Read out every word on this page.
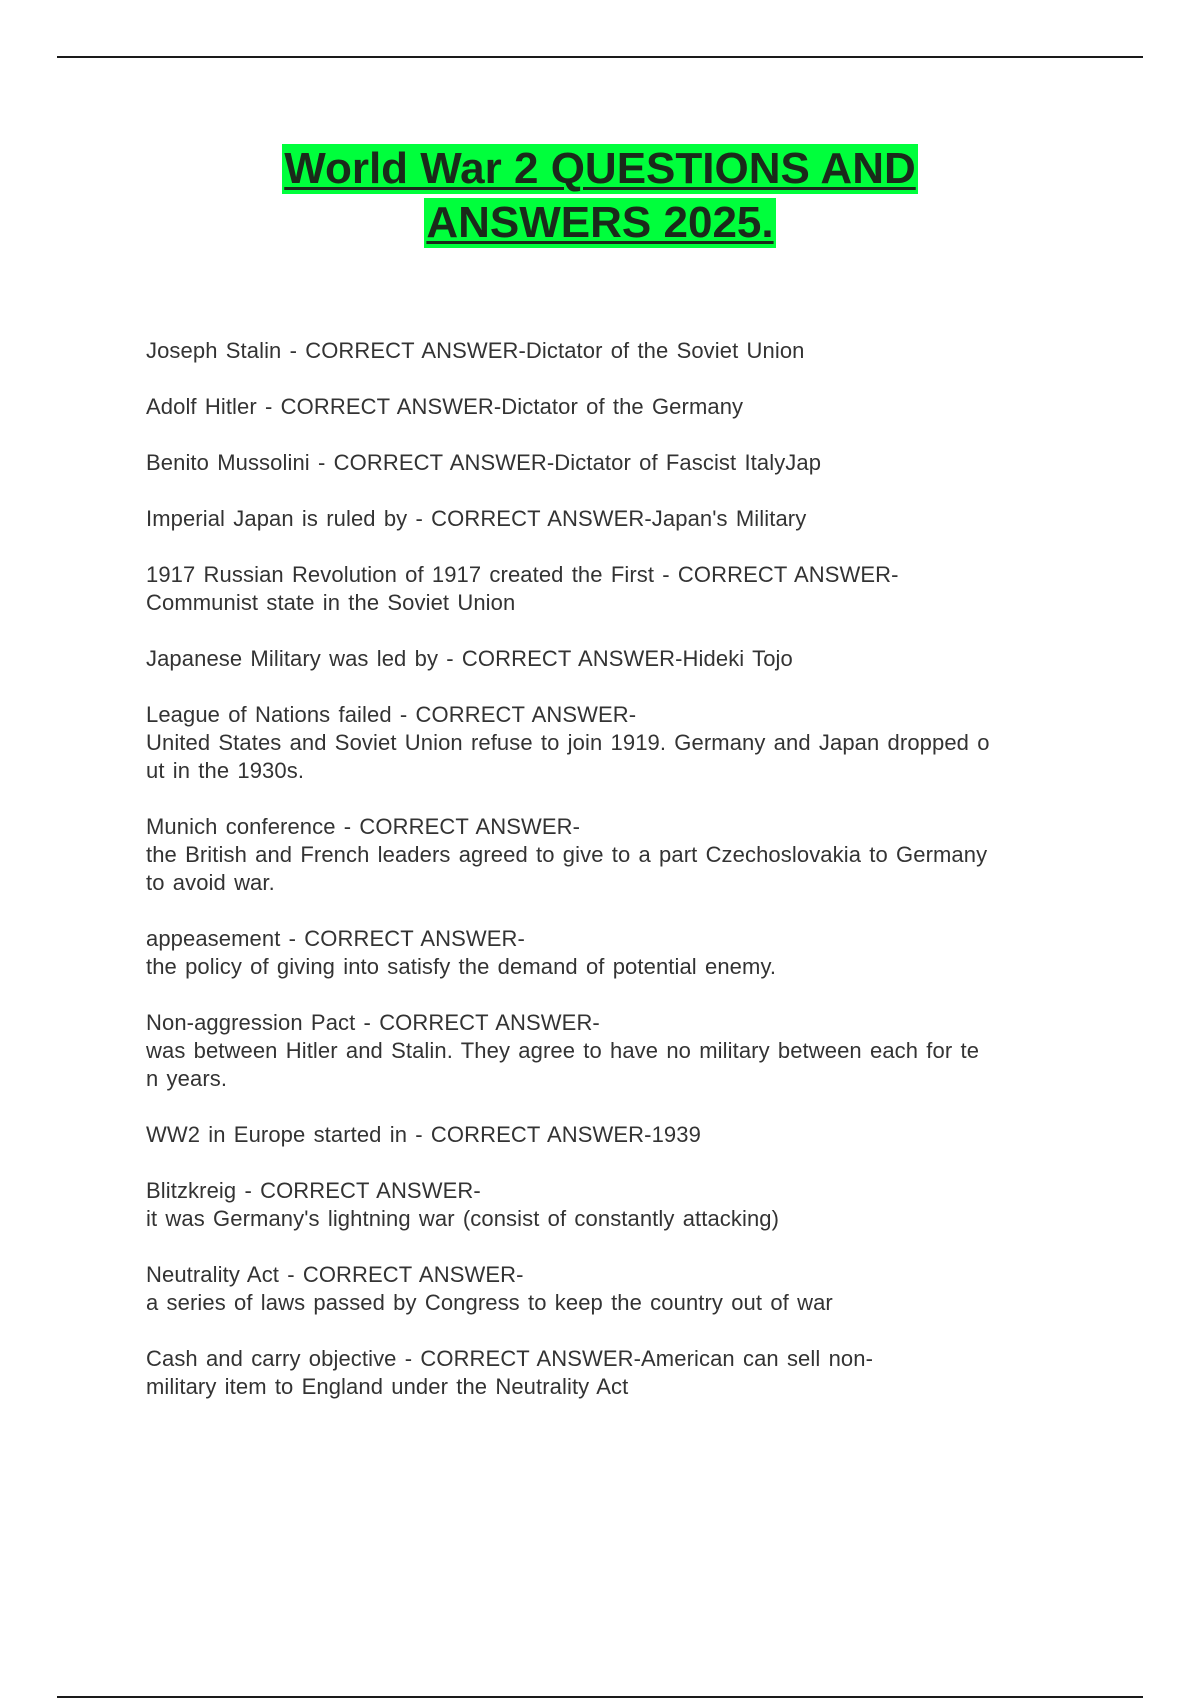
World War 2 QUESTIONS AND
ANSWERS 2025.
Joseph Stalin - CORRECT ANSWER-Dictator of the Soviet Union
Adolf Hitler - CORRECT ANSWER-Dictator of the Germany
Benito Mussolini - CORRECT ANSWER-Dictator of Fascist ItalyJap
Imperial Japan is ruled by - CORRECT ANSWER-Japan's Military
1917 Russian Revolution of 1917 created the First - CORRECT ANSWER-
Communist state in the Soviet Union
Japanese Military was led by - CORRECT ANSWER-Hideki Tojo
League of Nations failed - CORRECT ANSWER-
United States and Soviet Union refuse to join 1919. Germany and Japan dropped o
ut in the 1930s.
Munich conference - CORRECT ANSWER-
the British and French leaders agreed to give to a part Czechoslovakia to Germany
to avoid war.
appeasement - CORRECT ANSWER-
the policy of giving into satisfy the demand of potential enemy.
Non-aggression Pact - CORRECT ANSWER-
was between Hitler and Stalin. They agree to have no military between each for te
n years.
WW2 in Europe started in - CORRECT ANSWER-1939
Blitzkreig - CORRECT ANSWER-
it was Germany's lightning war (consist of constantly attacking)
Neutrality Act - CORRECT ANSWER-
a series of laws passed by Congress to keep the country out of war
Cash and carry objective - CORRECT ANSWER-American can sell non-
military item to England under the Neutrality Act
